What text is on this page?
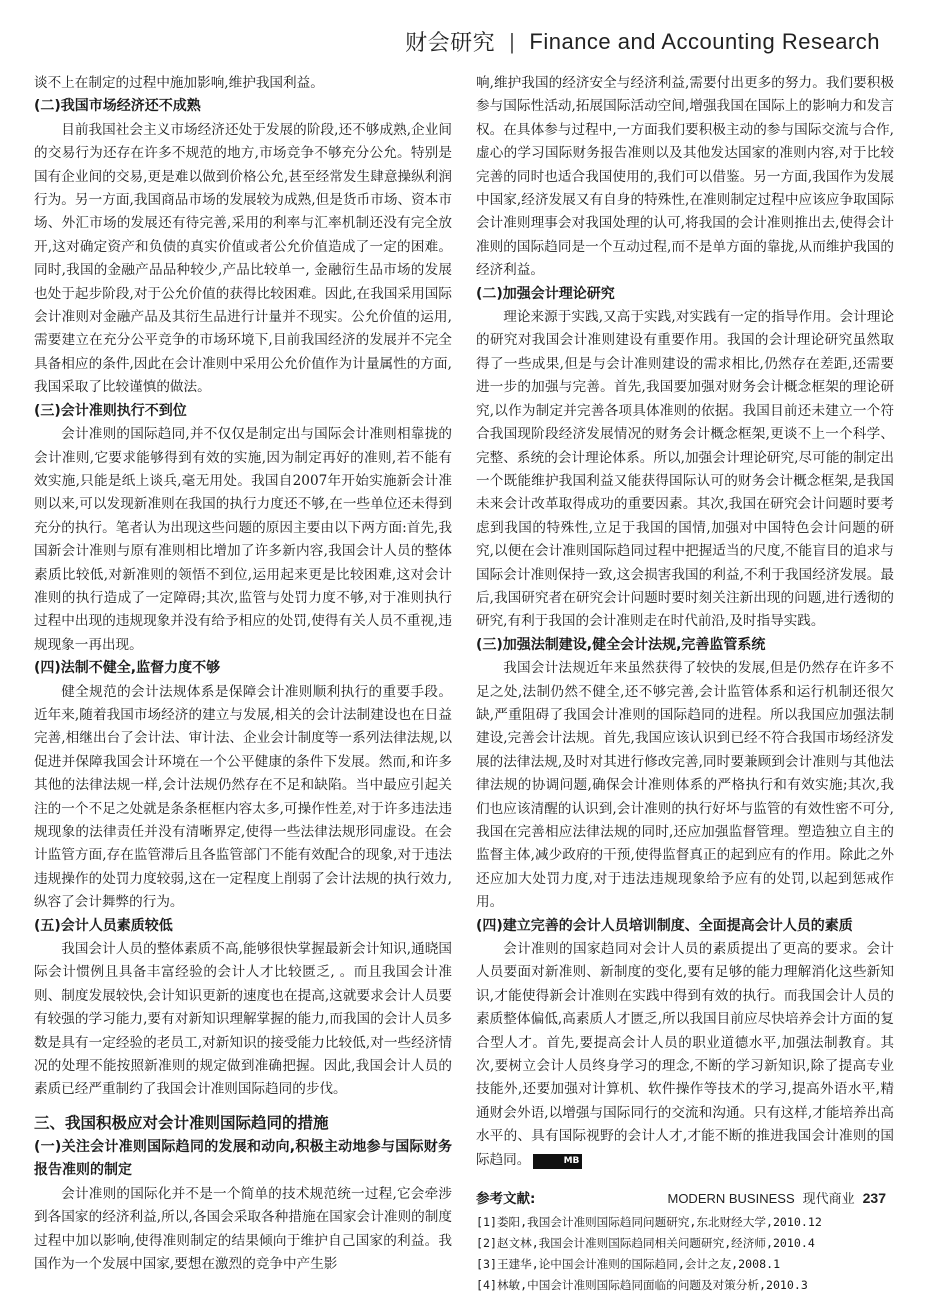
财会研究 | Finance and Accounting Research

谈不上在制定的过程中施加影响,维护我国利益。

(二)我国市场经济还不成熟

目前我国社会主义市场经济还处于发展的阶段,还不够成熟,企业间的交易行为还存在许多不规范的地方,市场竞争不够充分公允。特别是国有企业间的交易,更是难以做到价格公允,甚至经常发生肆意操纵利润行为。另一方面,我国商品市场的发展较为成熟,但是货币市场、资本市场、外汇市场的发展还有待完善,采用的利率与汇率机制还没有完全放开,这对确定资产和负债的真实价值或者公允价值造成了一定的困难。同时,我国的金融产品品种较少,产品比较单一, 金融衍生品市场的发展也处于起步阶段,对于公允价值的获得比较困难。因此,在我国采用国际会计准则对金融产品及其衍生品进行计量并不现实。公允价值的运用,需要建立在充分公平竞争的市场环境下,目前我国经济的发展并不完全具备相应的条件,因此在会计准则中采用公允价值作为计量属性的方面,我国采取了比较谨慎的做法。

(三)会计准则执行不到位

会计准则的国际趋同,并不仅仅是制定出与国际会计准则相靠拢的会计准则,它要求能够得到有效的实施,因为制定再好的准则,若不能有效实施,只能是纸上谈兵,毫无用处。我国自2007年开始实施新会计准则以来,可以发现新准则在我国的执行力度还不够,在一些单位还未得到充分的执行。笔者认为出现这些问题的原因主要由以下两方面:首先,我国新会计准则与原有准则相比增加了许多新内容,我国会计人员的整体素质比较低,对新准则的领悟不到位,运用起来更是比较困难,这对会计准则的执行造成了一定障碍;其次,监管与处罚力度不够,对于准则执行过程中出现的违规现象并没有给予相应的处罚,使得有关人员不重视,违规现象一再出现。

(四)法制不健全,监督力度不够

健全规范的会计法规体系是保障会计准则顺利执行的重要手段。近年来,随着我国市场经济的建立与发展,相关的会计法制建设也在日益完善,相继出台了会计法、审计法、企业会计制度等一系列法律法规,以促进并保障我国会计环境在一个公平健康的条件下发展。然而,和许多其他的法律法规一样,会计法规仍然存在不足和缺陷。当中最应引起关注的一个不足之处就是条条框框内容太多,可操作性差,对于许多违法违规现象的法律责任并没有清晰界定,使得一些法律法规形同虚设。在会计监管方面,存在监管滞后且各监管部门不能有效配合的现象,对于违法违规操作的处罚力度较弱,这在一定程度上削弱了会计法规的执行效力,纵容了会计舞弊的行为。

(五)会计人员素质较低

我国会计人员的整体素质不高,能够很快掌握最新会计知识,通晓国际会计惯例且具备丰富经验的会计人才比较匮乏, 。而且我国会计准则、制度发展较快,会计知识更新的速度也在提高,这就要求会计人员要有较强的学习能力,要有对新知识理解掌握的能力,而我国的会计人员多数是具有一定经验的老员工,对新知识的接受能力比较低,对一些经济情况的处理不能按照新准则的规定做到准确把握。因此,我国会计人员的素质已经严重制约了我国会计准则国际趋同的步伐。

三、我国积极应对会计准则国际趋同的措施
(一)关注会计准则国际趋同的发展和动向,积极主动地参与国际财务报告准则的制定

会计准则的国际化并不是一个简单的技术规范统一过程,它会牵涉到各国家的经济利益,所以,各国会采取各种措施在国家会计准则的制度过程中加以影响,使得准则制定的结果倾向于维护自己国家的利益。我国作为一个发展中国家,要想在激烈的竞争中产生影

响,维护我国的经济安全与经济利益,需要付出更多的努力。我们要积极参与国际性活动,拓展国际活动空间,增强我国在国际上的影响力和发言权。在具体参与过程中,一方面我们要积极主动的参与国际交流与合作,虚心的学习国际财务报告准则以及其他发达国家的准则内容,对于比较完善的同时也适合我国使用的,我们可以借鉴。另一方面,我国作为发展中国家,经济发展又有自身的特殊性,在准则制定过程中应该应争取国际会计准则理事会对我国处理的认可,将我国的会计准则推出去,使得会计准则的国际趋同是一个互动过程,而不是单方面的靠拢,从而维护我国的经济利益。

(二)加强会计理论研究

理论来源于实践,又高于实践,对实践有一定的指导作用。会计理论的研究对我国会计准则建设有重要作用。我国的会计理论研究虽然取得了一些成果,但是与会计准则建设的需求相比,仍然存在差距,还需要进一步的加强与完善。首先,我国要加强对财务会计概念框架的理论研究,以作为制定并完善各项具体准则的依据。我国目前还未建立一个符合我国现阶段经济发展情况的财务会计概念框架,更谈不上一个科学、完整、系统的会计理论体系。所以,加强会计理论研究,尽可能的制定出一个既能维护我国利益又能获得国际认可的财务会计概念框架,是我国未来会计改革取得成功的重要因素。其次,我国在研究会计问题时要考虑到我国的特殊性,立足于我国的国情,加强对中国特色会计问题的研究,以便在会计准则国际趋同过程中把握适当的尺度,不能盲目的追求与国际会计准则保持一致,这会损害我国的利益,不利于我国经济发展。最后,我国研究者在研究会计问题时要时刻关注新出现的问题,进行透彻的研究,有利于我国的会计准则走在时代前沿,及时指导实践。

(三)加强法制建设,健全会计法规,完善监管系统

我国会计法规近年来虽然获得了较快的发展,但是仍然存在许多不足之处,法制仍然不健全,还不够完善,会计监管体系和运行机制还很欠缺,严重阻碍了我国会计准则的国际趋同的进程。所以我国应加强法制建设,完善会计法规。首先,我国应该认识到已经不符合我国市场经济发展的法律法规,及时对其进行修改完善,同时要兼顾到会计准则与其他法律法规的协调问题,确保会计准则体系的严格执行和有效实施;其次,我们也应该清醒的认识到,会计准则的执行好坏与监管的有效性密不可分,我国在完善相应法律法规的同时,还应加强监督管理。塑造独立自主的监督主体,减少政府的干预,使得监督真正的起到应有的作用。除此之外还应加大处罚力度,对于违法违规现象给予应有的处罚,以起到惩戒作用。

(四)建立完善的会计人员培训制度、全面提高会计人员的素质

会计准则的国家趋同对会计人员的素质提出了更高的要求。会计人员要面对新准则、新制度的变化,要有足够的能力理解消化这些新知识,才能使得新会计准则在实践中得到有效的执行。而我国会计人员的素质整体偏低,高素质人才匮乏,所以我国目前应尽快培养会计方面的复合型人才。首先,要提高会计人员的职业道德水平,加强法制教育。其次,要树立会计人员终身学习的理念,不断的学习新知识,除了提高专业技能外,还要加强对计算机、软件操作等技术的学习,提高外语水平,精通财会外语,以增强与国际同行的交流和沟通。只有这样,才能培养出高水平的、具有国际视野的会计人才,才能不断的推进我国会计准则的国际趋同。	MB

参考文献:
[1]娄阳,我国会计准则国际趋同问题研究,东北财经大学,2010.12
[2]赵文林,我国会计准则国际趋同相关问题研究,经济师,2010.4
[3]王建华,论中国会计准则的国际趋同,会计之友,2008.1
[4]林敏,中国会计准则国际趋同面临的问题及对策分析,2010.3
MODERN BUSINESS 现代商业 237
